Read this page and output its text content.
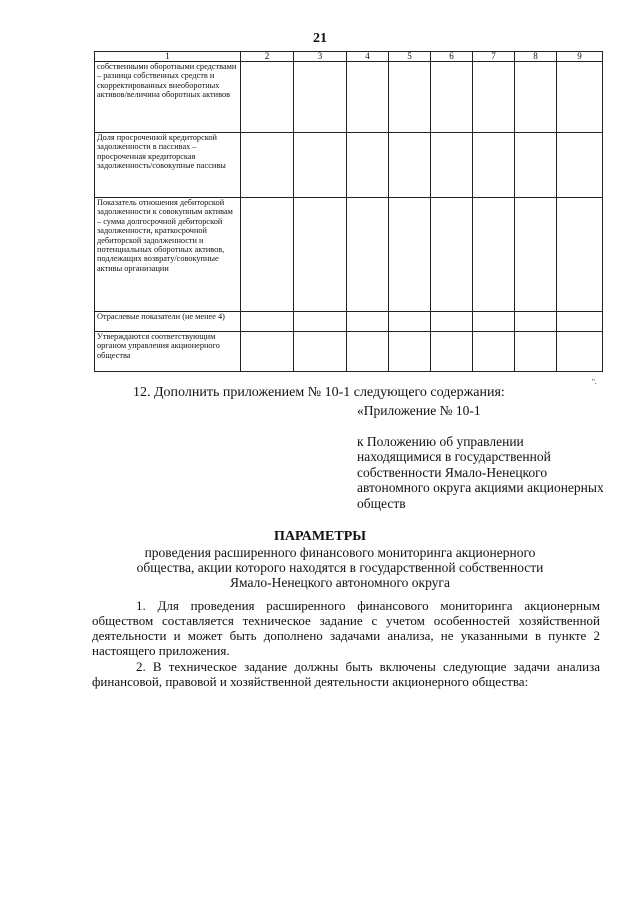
21
1	2	3	4	5	6	7	8	9
собственными оборотными средствами – разница собственных средств и скорректированных внеоборотных активов/величина оборотных активов								
Доля просроченной кредиторской задолженности в пассивах – просроченная кредиторская задолженность/совокупные пассивы								
Показатель отношения дебиторской задолженности к совокупным активам – сумма долгосрочной дебиторской задолженности, краткосрочной дебиторской задолженности и потенциальных оборотных активов, подлежащих возврату/совокупные активы организации								
Отраслевые показатели (не менее 4)								
Утверждаются соответствующим органом управления акционерного общества								
".
12. Дополнить приложением № 10-1 следующего содержания:
«Приложение № 10-1
к Положению об управлении находящимися в государственной собственности Ямало-Ненецкого автономного округа акциями акционерных обществ
ПАРАМЕТРЫ
проведения расширенного финансового мониторинга акционерного общества, акции которого находятся в государственной собственности Ямало-Ненецкого автономного округа

1. Для проведения расширенного финансового мониторинга акционерным обществом составляется техническое задание с учетом особенностей хозяйственной деятельности и может быть дополнено задачами анализа, не указанными в пункте 2 настоящего приложения.

2. В техническое задание должны быть включены следующие задачи анализа финансовой, правовой и хозяйственной деятельности акционерного общества:
